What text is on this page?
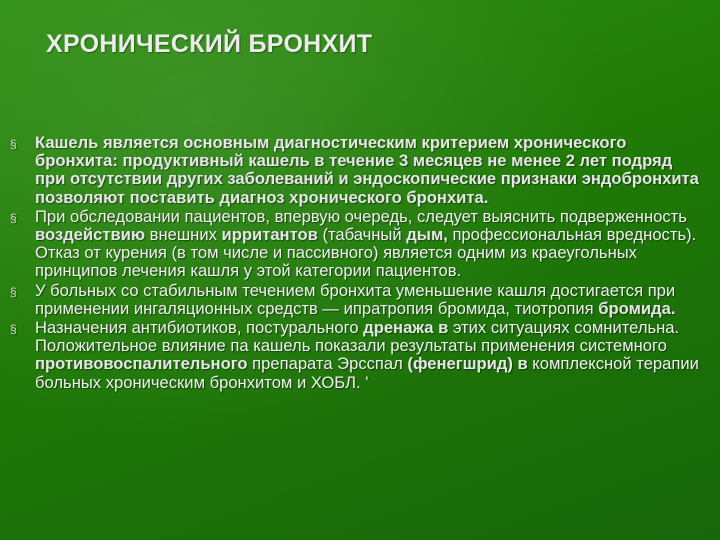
ХРОНИЧЕСКИЙ БРОНХИТ
§	Кашель является основным диагностическим критерием хронического бронхита: продуктивный кашель в течение 3 месяцев не менее 2 лет подряд при отсутствии других заболеваний и эндоскопические признаки эндобронхита позволяют поставить диагноз хронического бронхита.
§	При обследовании пациентов, впервую очередь, следует выяснить подверженность воздействию внешних ирритантов (табачный дым, профессиональная вредность). Отказ от курения (в том числе и пассивного) является одним из краеугольных принципов лечения кашля у этой категории пациентов.
§	У больных со стабильным течением бронхита уменьшение кашля достигается при применении ингаляционных средств — ипратропия бромида, тиотропия бромида.
§	Назначения антибиотиков, постурального дренажа в этих ситуациях сомнительна. Положительное влияние па кашель показали результаты применения системного противовоспалительного препарата Эрсспал (фенегшрид) в комплексной терапии больных хроническим бронхитом и ХОБЛ. '
